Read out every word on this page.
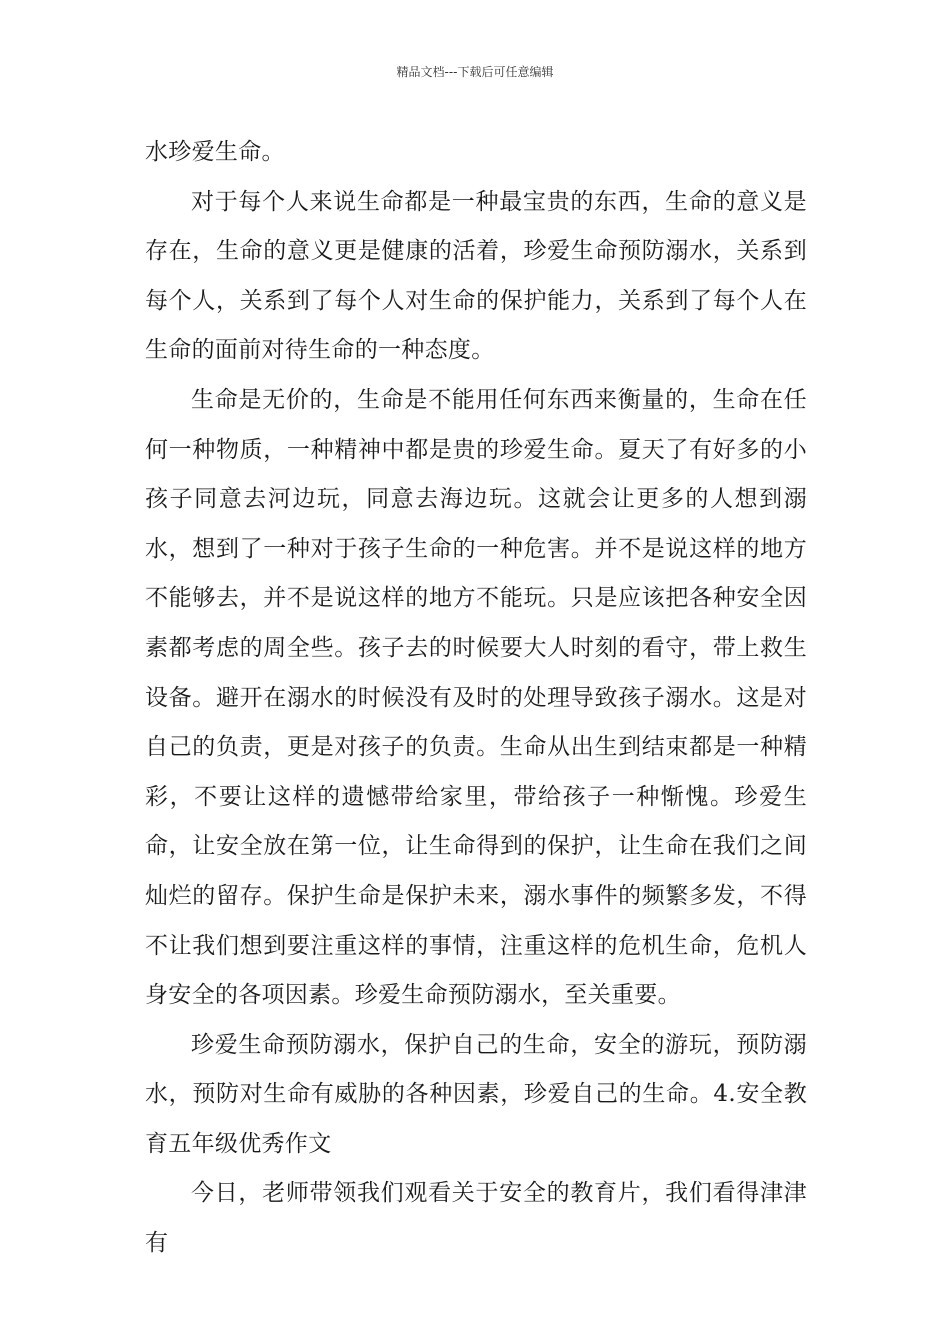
精品文档---下载后可任意编辑

水珍爱生命。

对于每个人来说生命都是一种最宝贵的东西，生命的意义是存在，生命的意义更是健康的活着，珍爱生命预防溺水，关系到每个人，关系到了每个人对生命的保护能力，关系到了每个人在生命的面前对待生命的一种态度。

生命是无价的，生命是不能用任何东西来衡量的，生命在任何一种物质，一种精神中都是贵的珍爱生命。夏天了有好多的小孩子同意去河边玩，同意去海边玩。这就会让更多的人想到溺水，想到了一种对于孩子生命的一种危害。并不是说这样的地方不能够去，并不是说这样的地方不能玩。只是应该把各种安全因素都考虑的周全些。孩子去的时候要大人时刻的看守，带上救生设备。避开在溺水的时候没有及时的处理导致孩子溺水。这是对自己的负责，更是对孩子的负责。生命从出生到结束都是一种精彩，不要让这样的遗憾带给家里，带给孩子一种惭愧。珍爱生命，让安全放在第一位，让生命得到的保护，让生命在我们之间灿烂的留存。保护生命是保护未来，溺水事件的频繁多发，不得不让我们想到要注重这样的事情，注重这样的危机生命，危机人身安全的各项因素。珍爱生命预防溺水，至关重要。

珍爱生命预防溺水，保护自己的生命，安全的游玩，预防溺水，预防对生命有威胁的各种因素，珍爱自己的生命。4.安全教育五年级优秀作文

今日，老师带领我们观看关于安全的教育片，我们看得津津有
